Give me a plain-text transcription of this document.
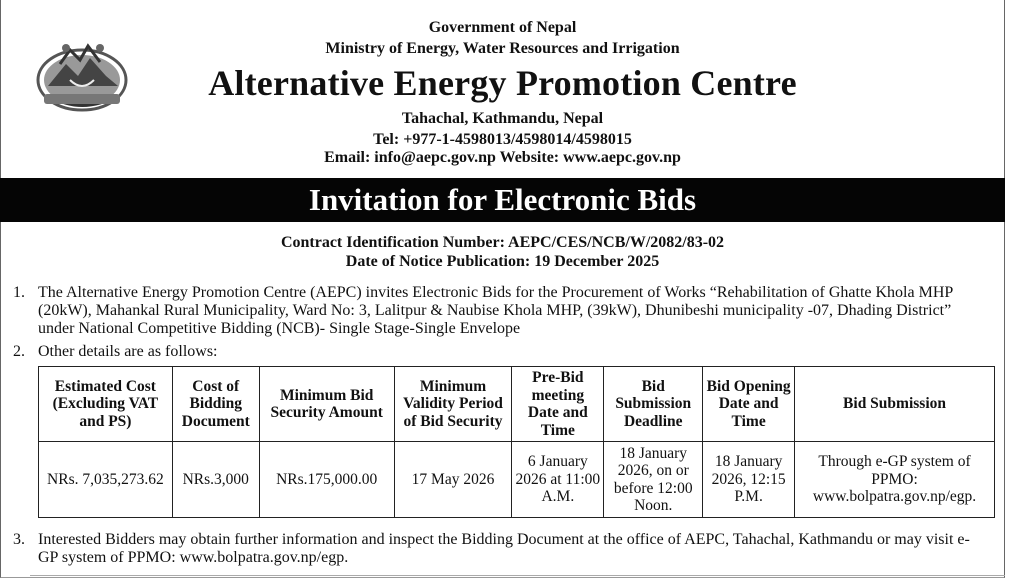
Government of Nepal
Ministry of Energy, Water Resources and Irrigation
Alternative Energy Promotion Centre
Tahachal, Kathmandu, Nepal
Tel: +977-1-4598013/4598014/4598015
Email: info@aepc.gov.np Website: www.aepc.gov.np
Invitation for Electronic Bids
Contract Identification Number: AEPC/CES/NCB/W/2082/83-02
Date of Notice Publication: 19 December 2025
1. The Alternative Energy Promotion Centre (AEPC) invites Electronic Bids for the Procurement of Works “Rehabilitation of Ghatte Khola MHP (20kW), Mahankal Rural Municipality, Ward No: 3, Lalitpur & Naubise Khola MHP, (39kW), Dhunibeshi municipality -07, Dhading District” under National Competitive Bidding (NCB)- Single Stage-Single Envelope
2. Other details are as follows:
Estimated Cost (Excluding VAT and PS)	Cost of Bidding Document	Minimum Bid Security Amount	Minimum Validity Period of Bid Security	Pre-Bid meeting Date and Time	Bid Submission Deadline	Bid Opening Date and Time	Bid Submission
NRs. 7,035,273.62	NRs.3,000	NRs.175,000.00	17 May 2026	6 January 2026 at 11:00 A.M.	18 January 2026, on or before 12:00 Noon.	18 January 2026, 12:15 P.M.	Through e-GP system of PPMO: www.bolpatra.gov.np/egp.
3. Interested Bidders may obtain further information and inspect the Bidding Document at the office of AEPC, Tahachal, Kathmandu or may visit e-GP system of PPMO: www.bolpatra.gov.np/egp.
